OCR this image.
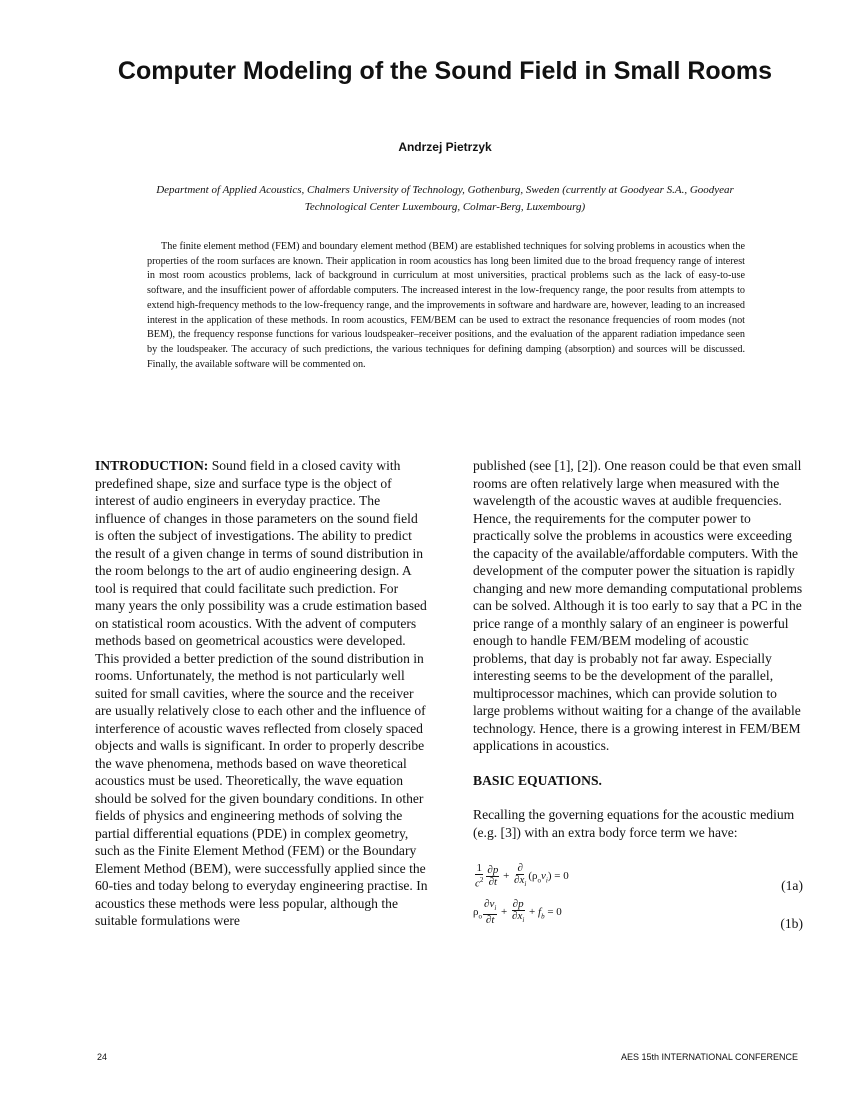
Computer Modeling of the Sound Field in Small Rooms
Andrzej Pietrzyk
Department of Applied Acoustics, Chalmers University of Technology, Gothenburg, Sweden (currently at Goodyear S.A., Goodyear Technological Center Luxembourg, Colmar-Berg, Luxembourg)

The finite element method (FEM) and boundary element method (BEM) are established techniques for solving problems in acoustics when the properties of the room surfaces are known. Their application in room acoustics has long been limited due to the broad frequency range of interest in most room acoustics problems, lack of background in curriculum at most universities, practical problems such as the lack of easy-to-use software, and the insufficient power of affordable computers. The increased interest in the low-frequency range, the poor results from attempts to extend high-frequency methods to the low-frequency range, and the improvements in software and hardware are, however, leading to an increased interest in the application of these methods. In room acoustics, FEM/BEM can be used to extract the resonance frequencies of room modes (not BEM), the frequency response functions for various loudspeaker–receiver positions, and the evaluation of the apparent radiation impedance seen by the loudspeaker. The accuracy of such predictions, the various techniques for defining damping (absorption) and sources will be discussed. Finally, the available software will be commented on.

INTRODUCTION: Sound field in a closed cavity with predefined shape, size and surface type is the object of interest of audio engineers in everyday practice. The influence of changes in those parameters on the sound field is often the subject of investigations. The ability to predict the result of a given change in terms of sound distribution in the room belongs to the art of audio engineering design. A tool is required that could facilitate such prediction. For many years the only possibility was a crude estimation based on statistical room acoustics. With the advent of computers methods based on geometrical acoustics were developed. This provided a better prediction of the sound distribution in rooms. Unfortunately, the method is not particularly well suited for small cavities, where the source and the receiver are usually relatively close to each other and the influence of interference of acoustic waves reflected from closely spaced objects and walls is significant. In order to properly describe the wave phenomena, methods based on wave theoretical acoustics must be used. Theoretically, the wave equation should be solved for the given boundary conditions. In other fields of physics and engineering methods of solving the partial differential equations (PDE) in complex geometry, such as the Finite Element Method (FEM) or the Boundary Element Method (BEM), were successfully applied since the 60-ties and today belong to everyday engineering practise. In acoustics these methods were less popular, although the suitable formulations were

published (see [1], [2]). One reason could be that even small rooms are often relatively large when measured with the wavelength of the acoustic waves at audible frequencies. Hence, the requirements for the computer power to practically solve the problems in acoustics were exceeding the capacity of the available/affordable computers. With the development of the computer power the situation is rapidly changing and new more demanding computational problems can be solved. Although it is too early to say that a PC in the price range of a monthly salary of an engineer is powerful enough to handle FEM/BEM modeling of acoustic problems, that day is probably not far away. Especially interesting seems to be the development of the parallel, multiprocessor machines, which can provide solution to large problems without waiting for a change of the available technology. Hence, there is a growing interest in FEM/BEM applications in acoustics.

BASIC EQUATIONS.

Recalling the governing equations for the acoustic medium (e.g. [3]) with an extra body force term we have:

$\frac{1}{c^2} \frac{\partial p}{\partial t} + \frac{\partial}{\partial x_i} (\rho_ov_i) = 0$
(1a)
$\rho_o \frac{\partial v_i}{\partial t} + \frac{\partial p}{\partial x_i} + f_b = 0$
(1b)
24	AES 15th INTERNATIONAL CONFERENCE
